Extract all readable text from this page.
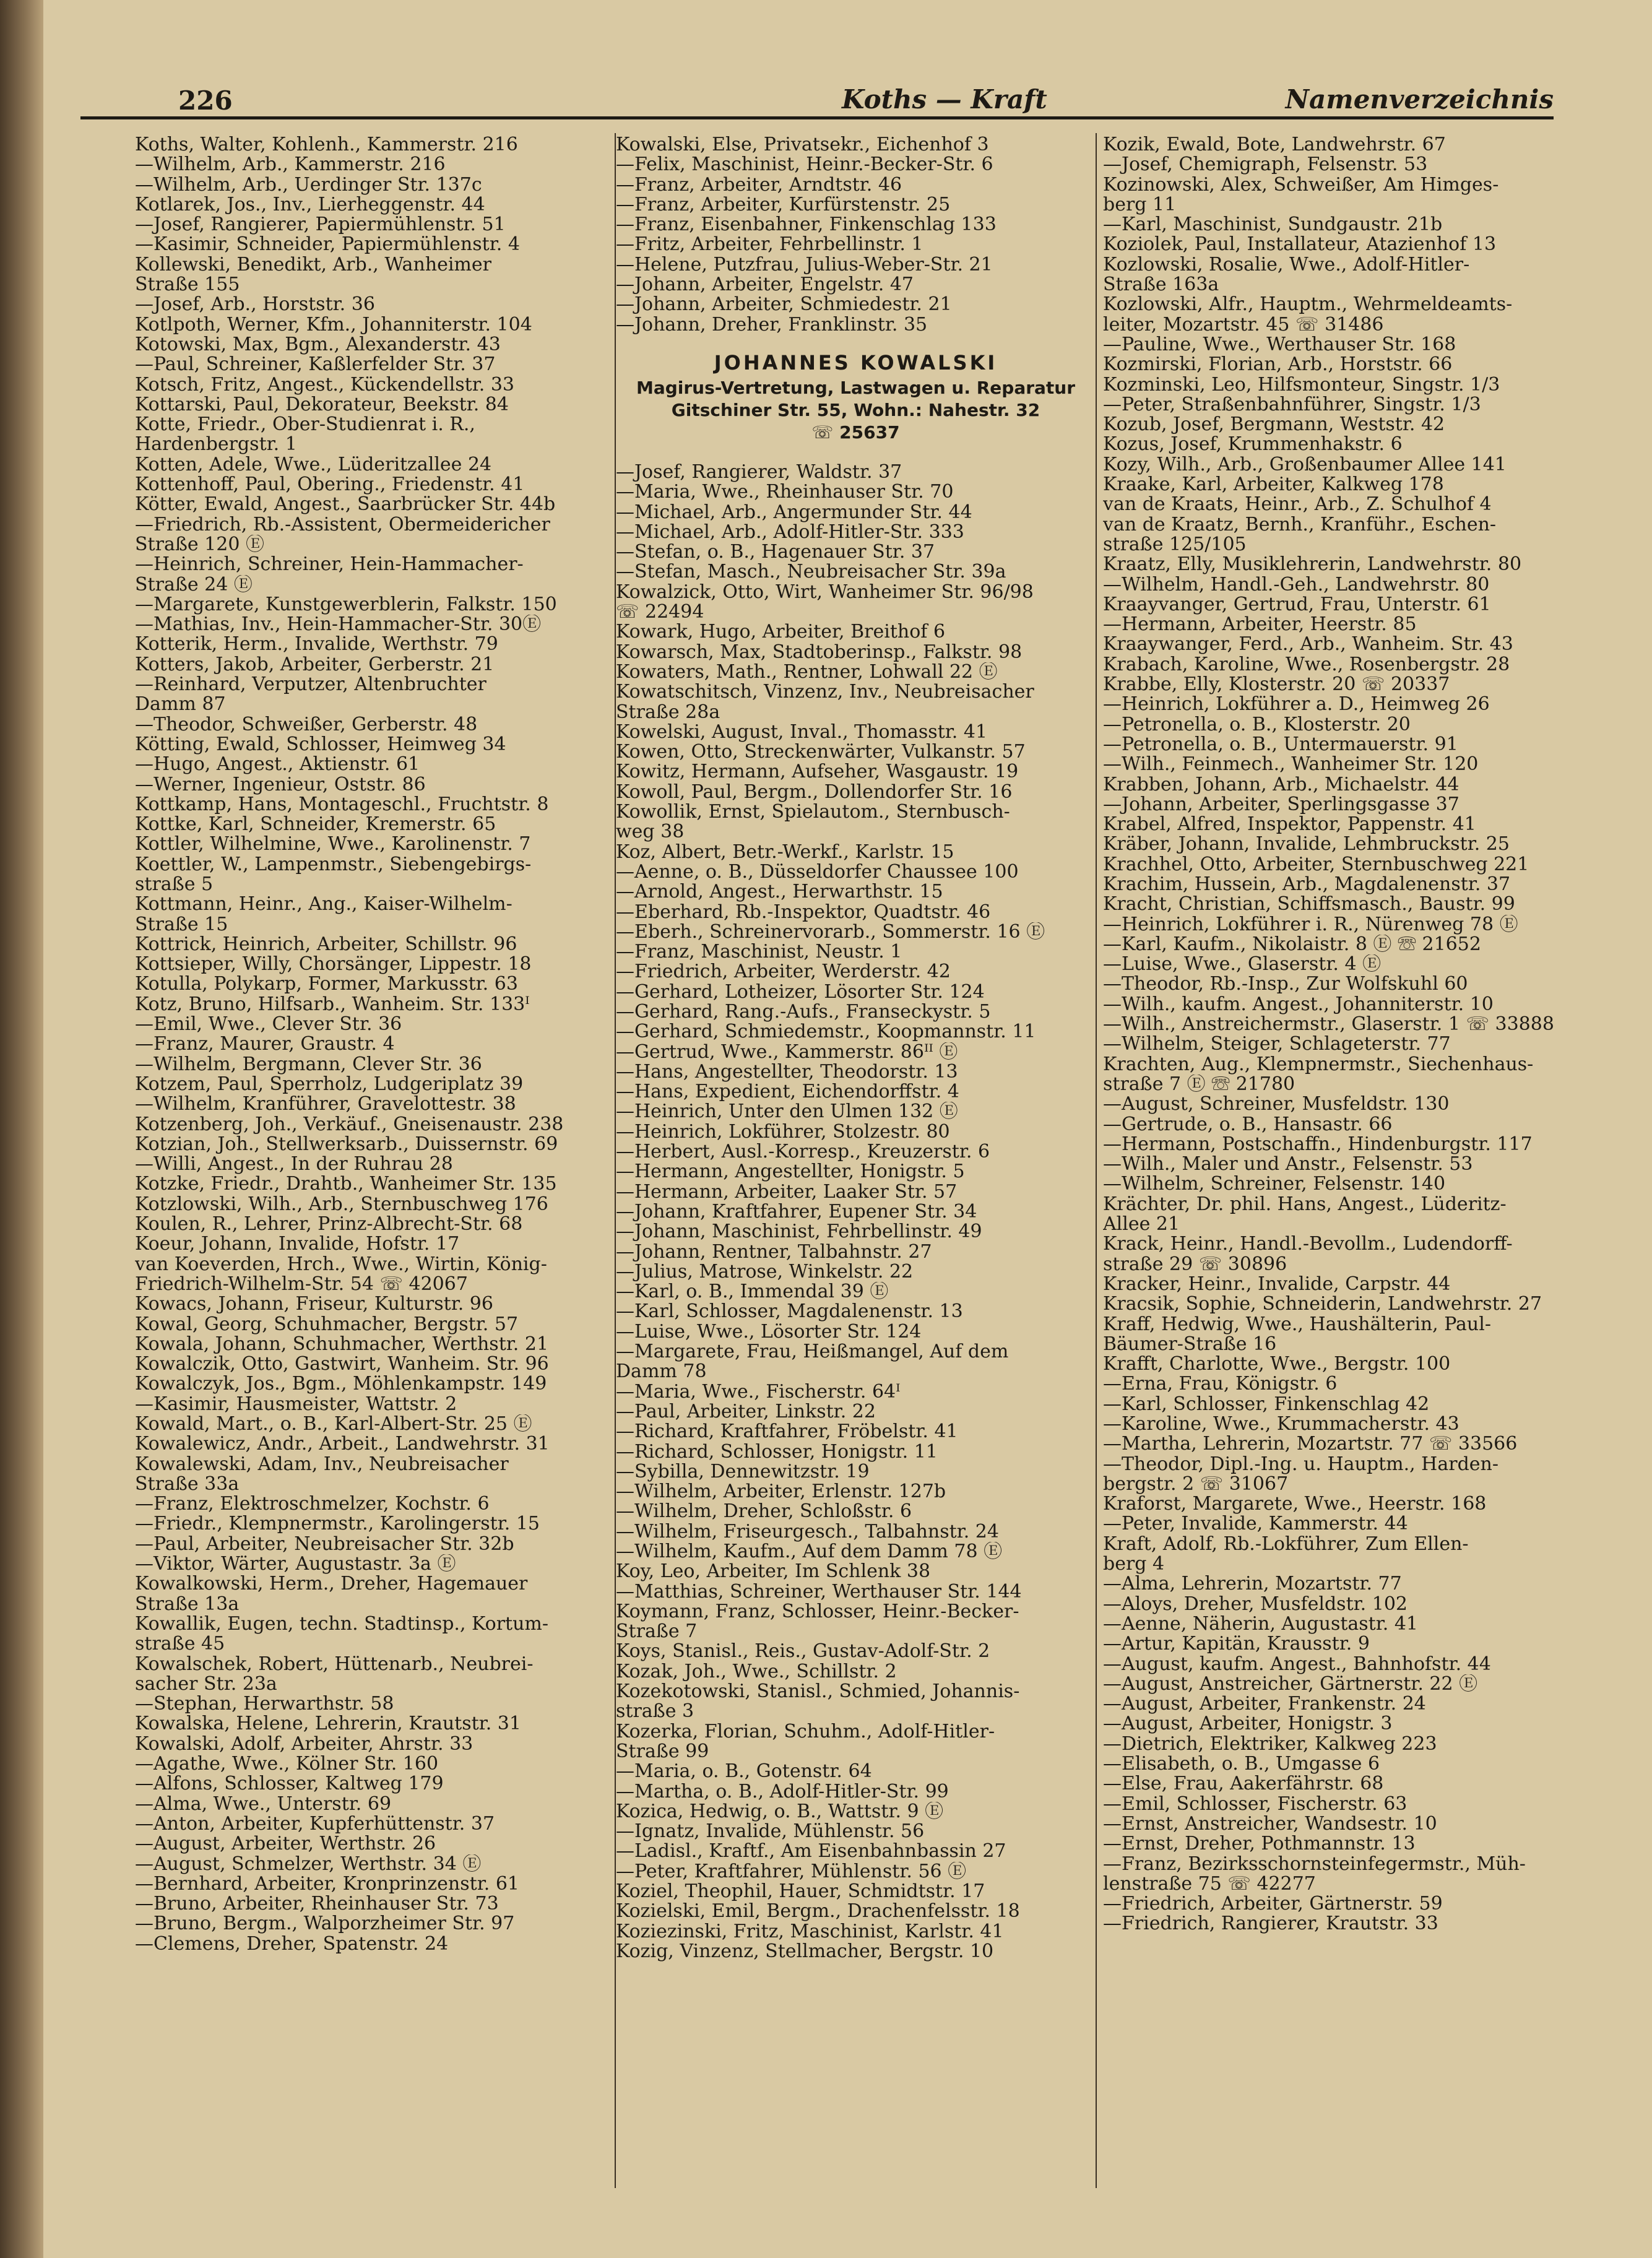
226	Koths — Kraft	Namenverzeichnis
Koths, Walter, Kohlenh., Kammerstr. 216
—Wilhelm, Arb., Kammerstr. 216
—Wilhelm, Arb., Uerdinger Str. 137c
Kotlarek, Jos., Inv., Lierheggenstr. 44
—Josef, Rangierer, Papiermühlenstr. 51
—Kasimir, Schneider, Papiermühlenstr. 4
Kollewski, Benedikt, Arb., Wanheimer
Straße 155
—Josef, Arb., Horststr. 36
Kotlpoth, Werner, Kfm., Johanniterstr. 104
Kotowski, Max, Bgm., Alexanderstr. 43
—Paul, Schreiner, Kaßlerfelder Str. 37
Kotsch, Fritz, Angest., Kückendellstr. 33
Kottarski, Paul, Dekorateur, Beekstr. 84
Kotte, Friedr., Ober-Studienrat i. R.,
Hardenbergstr. 1
Kotten, Adele, Wwe., Lüderitzallee 24
Kottenhoff, Paul, Obering., Friedenstr. 41
Kötter, Ewald, Angest., Saarbrücker Str. 44b
—Friedrich, Rb.-Assistent, Obermeidericher
Straße 120 Ⓔ
—Heinrich, Schreiner, Hein-Hammacher-
Straße 24 Ⓔ
—Margarete, Kunstgewerblerin, Falkstr. 150
—Mathias, Inv., Hein-Hammacher-Str. 30Ⓔ
Kotterik, Herm., Invalide, Werthstr. 79
Kotters, Jakob, Arbeiter, Gerberstr. 21
—Reinhard, Verputzer, Altenbruchter
Damm 87
—Theodor, Schweißer, Gerberstr. 48
Kötting, Ewald, Schlosser, Heimweg 34
—Hugo, Angest., Aktienstr. 61
—Werner, Ingenieur, Oststr. 86
Kottkamp, Hans, Montageschl., Fruchtstr. 8
Kottke, Karl, Schneider, Kremerstr. 65
Kottler, Wilhelmine, Wwe., Karolinenstr. 7
Koettler, W., Lampenmstr., Siebengebirgs-
straße 5
Kottmann, Heinr., Ang., Kaiser-Wilhelm-
Straße 15
Kottrick, Heinrich, Arbeiter, Schillstr. 96
Kottsieper, Willy, Chorsänger, Lippestr. 18
Kotulla, Polykarp, Former, Markusstr. 63
Kotz, Bruno, Hilfsarb., Wanheim. Str. 133ᴵ
—Emil, Wwe., Clever Str. 36
—Franz, Maurer, Graustr. 4
—Wilhelm, Bergmann, Clever Str. 36
Kotzem, Paul, Sperrholz, Ludgeriplatz 39
—Wilhelm, Kranführer, Gravelottestr. 38
Kotzenberg, Joh., Verkäuf., Gneisenaustr. 238
Kotzian, Joh., Stellwerksarb., Duissernstr. 69
—Willi, Angest., In der Ruhrau 28
Kotzke, Friedr., Drahtb., Wanheimer Str. 135
Kotzlowski, Wilh., Arb., Sternbuschweg 176
Koulen, R., Lehrer, Prinz-Albrecht-Str. 68
Koeur, Johann, Invalide, Hofstr. 17
van Koeverden, Hrch., Wwe., Wirtin, König-
Friedrich-Wilhelm-Str. 54 ☏ 42067
Kowacs, Johann, Friseur, Kulturstr. 96
Kowal, Georg, Schuhmacher, Bergstr. 57
Kowala, Johann, Schuhmacher, Werthstr. 21
Kowalczik, Otto, Gastwirt, Wanheim. Str. 96
Kowalczyk, Jos., Bgm., Möhlenkampstr. 149
—Kasimir, Hausmeister, Wattstr. 2
Kowald, Mart., o. B., Karl-Albert-Str. 25 Ⓔ
Kowalewicz, Andr., Arbeit., Landwehrstr. 31
Kowalewski, Adam, Inv., Neubreisacher
Straße 33a
—Franz, Elektroschmelzer, Kochstr. 6
—Friedr., Klempnermstr., Karolingerstr. 15
—Paul, Arbeiter, Neubreisacher Str. 32b
—Viktor, Wärter, Augustastr. 3a Ⓔ
Kowalkowski, Herm., Dreher, Hagemauer
Straße 13a
Kowallik, Eugen, techn. Stadtinsp., Kortum-
straße 45
Kowalschek, Robert, Hüttenarb., Neubrei-
sacher Str. 23a
—Stephan, Herwarthstr. 58
Kowalska, Helene, Lehrerin, Krautstr. 31
Kowalski, Adolf, Arbeiter, Ahrstr. 33
—Agathe, Wwe., Kölner Str. 160
—Alfons, Schlosser, Kaltweg 179
—Alma, Wwe., Unterstr. 69
—Anton, Arbeiter, Kupferhüttenstr. 37
—August, Arbeiter, Werthstr. 26
—August, Schmelzer, Werthstr. 34 Ⓔ
—Bernhard, Arbeiter, Kronprinzenstr. 61
—Bruno, Arbeiter, Rheinhauser Str. 73
—Bruno, Bergm., Walporzheimer Str. 97
—Clemens, Dreher, Spatenstr. 24
Kowalski, Else, Privatsekr., Eichenhof 3
—Felix, Maschinist, Heinr.-Becker-Str. 6
—Franz, Arbeiter, Arndtstr. 46
—Franz, Arbeiter, Kurfürstenstr. 25
—Franz, Eisenbahner, Finkenschlag 133
—Fritz, Arbeiter, Fehrbellinstr. 1
—Helene, Putzfrau, Julius-Weber-Str. 21
—Johann, Arbeiter, Engelstr. 47
—Johann, Arbeiter, Schmiedestr. 21
—Johann, Dreher, Franklinstr. 35
JOHANNES KOWALSKI
Magirus-Vertretung, Lastwagen u. Reparatur
Gitschiner Str. 55, Wohn.: Nahestr. 32
☏ 25637
—Josef, Rangierer, Waldstr. 37
—Maria, Wwe., Rheinhauser Str. 70
—Michael, Arb., Angermunder Str. 44
—Michael, Arb., Adolf-Hitler-Str. 333
—Stefan, o. B., Hagenauer Str. 37
—Stefan, Masch., Neubreisacher Str. 39a
Kowalzick, Otto, Wirt, Wanheimer Str. 96/98
☏ 22494
Kowark, Hugo, Arbeiter, Breithof 6
Kowarsch, Max, Stadtoberinsp., Falkstr. 98
Kowaters, Math., Rentner, Lohwall 22 Ⓔ
Kowatschitsch, Vinzenz, Inv., Neubreisacher
Straße 28a
Kowelski, August, Inval., Thomasstr. 41
Kowen, Otto, Streckenwärter, Vulkanstr. 57
Kowitz, Hermann, Aufseher, Wasgaustr. 19
Kowoll, Paul, Bergm., Dollendorfer Str. 16
Kowollik, Ernst, Spielautom., Sternbusch-
weg 38
Koz, Albert, Betr.-Werkf., Karlstr. 15
—Aenne, o. B., Düsseldorfer Chaussee 100
—Arnold, Angest., Herwarthstr. 15
—Eberhard, Rb.-Inspektor, Quadtstr. 46
—Eberh., Schreinervorarb., Sommerstr. 16 Ⓔ
—Franz, Maschinist, Neustr. 1
—Friedrich, Arbeiter, Werderstr. 42
—Gerhard, Lotheizer, Lösorter Str. 124
—Gerhard, Rang.-Aufs., Franseckystr. 5
—Gerhard, Schmiedemstr., Koopmannstr. 11
—Gertrud, Wwe., Kammerstr. 86ᴵᴵ Ⓔ
—Hans, Angestellter, Theodorstr. 13
—Hans, Expedient, Eichendorffstr. 4
—Heinrich, Unter den Ulmen 132 Ⓔ
—Heinrich, Lokführer, Stolzestr. 80
—Herbert, Ausl.-Korresp., Kreuzerstr. 6
—Hermann, Angestellter, Honigstr. 5
—Hermann, Arbeiter, Laaker Str. 57
—Johann, Kraftfahrer, Eupener Str. 34
—Johann, Maschinist, Fehrbellinstr. 49
—Johann, Rentner, Talbahnstr. 27
—Julius, Matrose, Winkelstr. 22
—Karl, o. B., Immendal 39 Ⓔ
—Karl, Schlosser, Magdalenenstr. 13
—Luise, Wwe., Lösorter Str. 124
—Margarete, Frau, Heißmangel, Auf dem
Damm 78
—Maria, Wwe., Fischerstr. 64ᴵ
—Paul, Arbeiter, Linkstr. 22
—Richard, Kraftfahrer, Fröbelstr. 41
—Richard, Schlosser, Honigstr. 11
—Sybilla, Dennewitzstr. 19
—Wilhelm, Arbeiter, Erlenstr. 127b
—Wilhelm, Dreher, Schloßstr. 6
—Wilhelm, Friseurgesch., Talbahnstr. 24
—Wilhelm, Kaufm., Auf dem Damm 78 Ⓔ
Koy, Leo, Arbeiter, Im Schlenk 38
—Matthias, Schreiner, Werthauser Str. 144
Koymann, Franz, Schlosser, Heinr.-Becker-
Straße 7
Koys, Stanisl., Reis., Gustav-Adolf-Str. 2
Kozak, Joh., Wwe., Schillstr. 2
Kozekotowski, Stanisl., Schmied, Johannis-
straße 3
Kozerka, Florian, Schuhm., Adolf-Hitler-
Straße 99
—Maria, o. B., Gotenstr. 64
—Martha, o. B., Adolf-Hitler-Str. 99
Kozica, Hedwig, o. B., Wattstr. 9 Ⓔ
—Ignatz, Invalide, Mühlenstr. 56
—Ladisl., Kraftf., Am Eisenbahnbassin 27
—Peter, Kraftfahrer, Mühlenstr. 56 Ⓔ
Koziel, Theophil, Hauer, Schmidtstr. 17
Kozielski, Emil, Bergm., Drachenfelsstr. 18
Koziezinski, Fritz, Maschinist, Karlstr. 41
Kozig, Vinzenz, Stellmacher, Bergstr. 10
Kozik, Ewald, Bote, Landwehrstr. 67
—Josef, Chemigraph, Felsenstr. 53
Kozinowski, Alex, Schweißer, Am Himges-
berg 11
—Karl, Maschinist, Sundgaustr. 21b
Koziolek, Paul, Installateur, Atazienhof 13
Kozlowski, Rosalie, Wwe., Adolf-Hitler-
Straße 163a
Kozlowski, Alfr., Hauptm., Wehrmeldeamts-
leiter, Mozartstr. 45 ☏ 31486
—Pauline, Wwe., Werthauser Str. 168
Kozmirski, Florian, Arb., Horststr. 66
Kozminski, Leo, Hilfsmonteur, Singstr. 1/3
—Peter, Straßenbahnführer, Singstr. 1/3
Kozub, Josef, Bergmann, Weststr. 42
Kozus, Josef, Krummenhakstr. 6
Kozy, Wilh., Arb., Großenbaumer Allee 141
Kraake, Karl, Arbeiter, Kalkweg 178
van de Kraats, Heinr., Arb., Z. Schulhof 4
van de Kraatz, Bernh., Kranführ., Eschen-
straße 125/105
Kraatz, Elly, Musiklehrerin, Landwehrstr. 80
—Wilhelm, Handl.-Geh., Landwehrstr. 80
Kraayvanger, Gertrud, Frau, Unterstr. 61
—Hermann, Arbeiter, Heerstr. 85
Kraaywanger, Ferd., Arb., Wanheim. Str. 43
Krabach, Karoline, Wwe., Rosenbergstr. 28
Krabbe, Elly, Klosterstr. 20 ☏ 20337
—Heinrich, Lokführer a. D., Heimweg 26
—Petronella, o. B., Klosterstr. 20
—Petronella, o. B., Untermauerstr. 91
—Wilh., Feinmech., Wanheimer Str. 120
Krabben, Johann, Arb., Michaelstr. 44
—Johann, Arbeiter, Sperlingsgasse 37
Krabel, Alfred, Inspektor, Pappenstr. 41
Kräber, Johann, Invalide, Lehmbruckstr. 25
Krachhel, Otto, Arbeiter, Sternbuschweg 221
Krachim, Hussein, Arb., Magdalenenstr. 37
Kracht, Christian, Schiffsmasch., Baustr. 99
—Heinrich, Lokführer i. R., Nürenweg 78 Ⓔ
—Karl, Kaufm., Nikolaistr. 8 Ⓔ ☏ 21652
—Luise, Wwe., Glaserstr. 4 Ⓔ
—Theodor, Rb.-Insp., Zur Wolfskuhl 60
—Wilh., kaufm. Angest., Johanniterstr. 10
—Wilh., Anstreichermstr., Glaserstr. 1 ☏ 33888
—Wilhelm, Steiger, Schlageterstr. 77
Krachten, Aug., Klempnermstr., Siechenhaus-
straße 7 Ⓔ ☏ 21780
—August, Schreiner, Musfeldstr. 130
—Gertrude, o. B., Hansastr. 66
—Hermann, Postschaffn., Hindenburgstr. 117
—Wilh., Maler und Anstr., Felsenstr. 53
—Wilhelm, Schreiner, Felsenstr. 140
Krächter, Dr. phil. Hans, Angest., Lüderitz-
Allee 21
Krack, Heinr., Handl.-Bevollm., Ludendorff-
straße 29 ☏ 30896
Kracker, Heinr., Invalide, Carpstr. 44
Kracsik, Sophie, Schneiderin, Landwehrstr. 27
Kraff, Hedwig, Wwe., Haushälterin, Paul-
Bäumer-Straße 16
Krafft, Charlotte, Wwe., Bergstr. 100
—Erna, Frau, Königstr. 6
—Karl, Schlosser, Finkenschlag 42
—Karoline, Wwe., Krummacherstr. 43
—Martha, Lehrerin, Mozartstr. 77 ☏ 33566
—Theodor, Dipl.-Ing. u. Hauptm., Harden-
bergstr. 2 ☏ 31067
Kraforst, Margarete, Wwe., Heerstr. 168
—Peter, Invalide, Kammerstr. 44
Kraft, Adolf, Rb.-Lokführer, Zum Ellen-
berg 4
—Alma, Lehrerin, Mozartstr. 77
—Aloys, Dreher, Musfeldstr. 102
—Aenne, Näherin, Augustastr. 41
—Artur, Kapitän, Krausstr. 9
—August, kaufm. Angest., Bahnhofstr. 44
—August, Anstreicher, Gärtnerstr. 22 Ⓔ
—August, Arbeiter, Frankenstr. 24
—August, Arbeiter, Honigstr. 3
—Dietrich, Elektriker, Kalkweg 223
—Elisabeth, o. B., Umgasse 6
—Else, Frau, Aakerfährstr. 68
—Emil, Schlosser, Fischerstr. 63
—Ernst, Anstreicher, Wandsestr. 10
—Ernst, Dreher, Pothmannstr. 13
—Franz, Bezirksschornsteinfegermstr., Müh-
lenstraße 75 ☏ 42277
—Friedrich, Arbeiter, Gärtnerstr. 59
—Friedrich, Rangierer, Krautstr. 33
